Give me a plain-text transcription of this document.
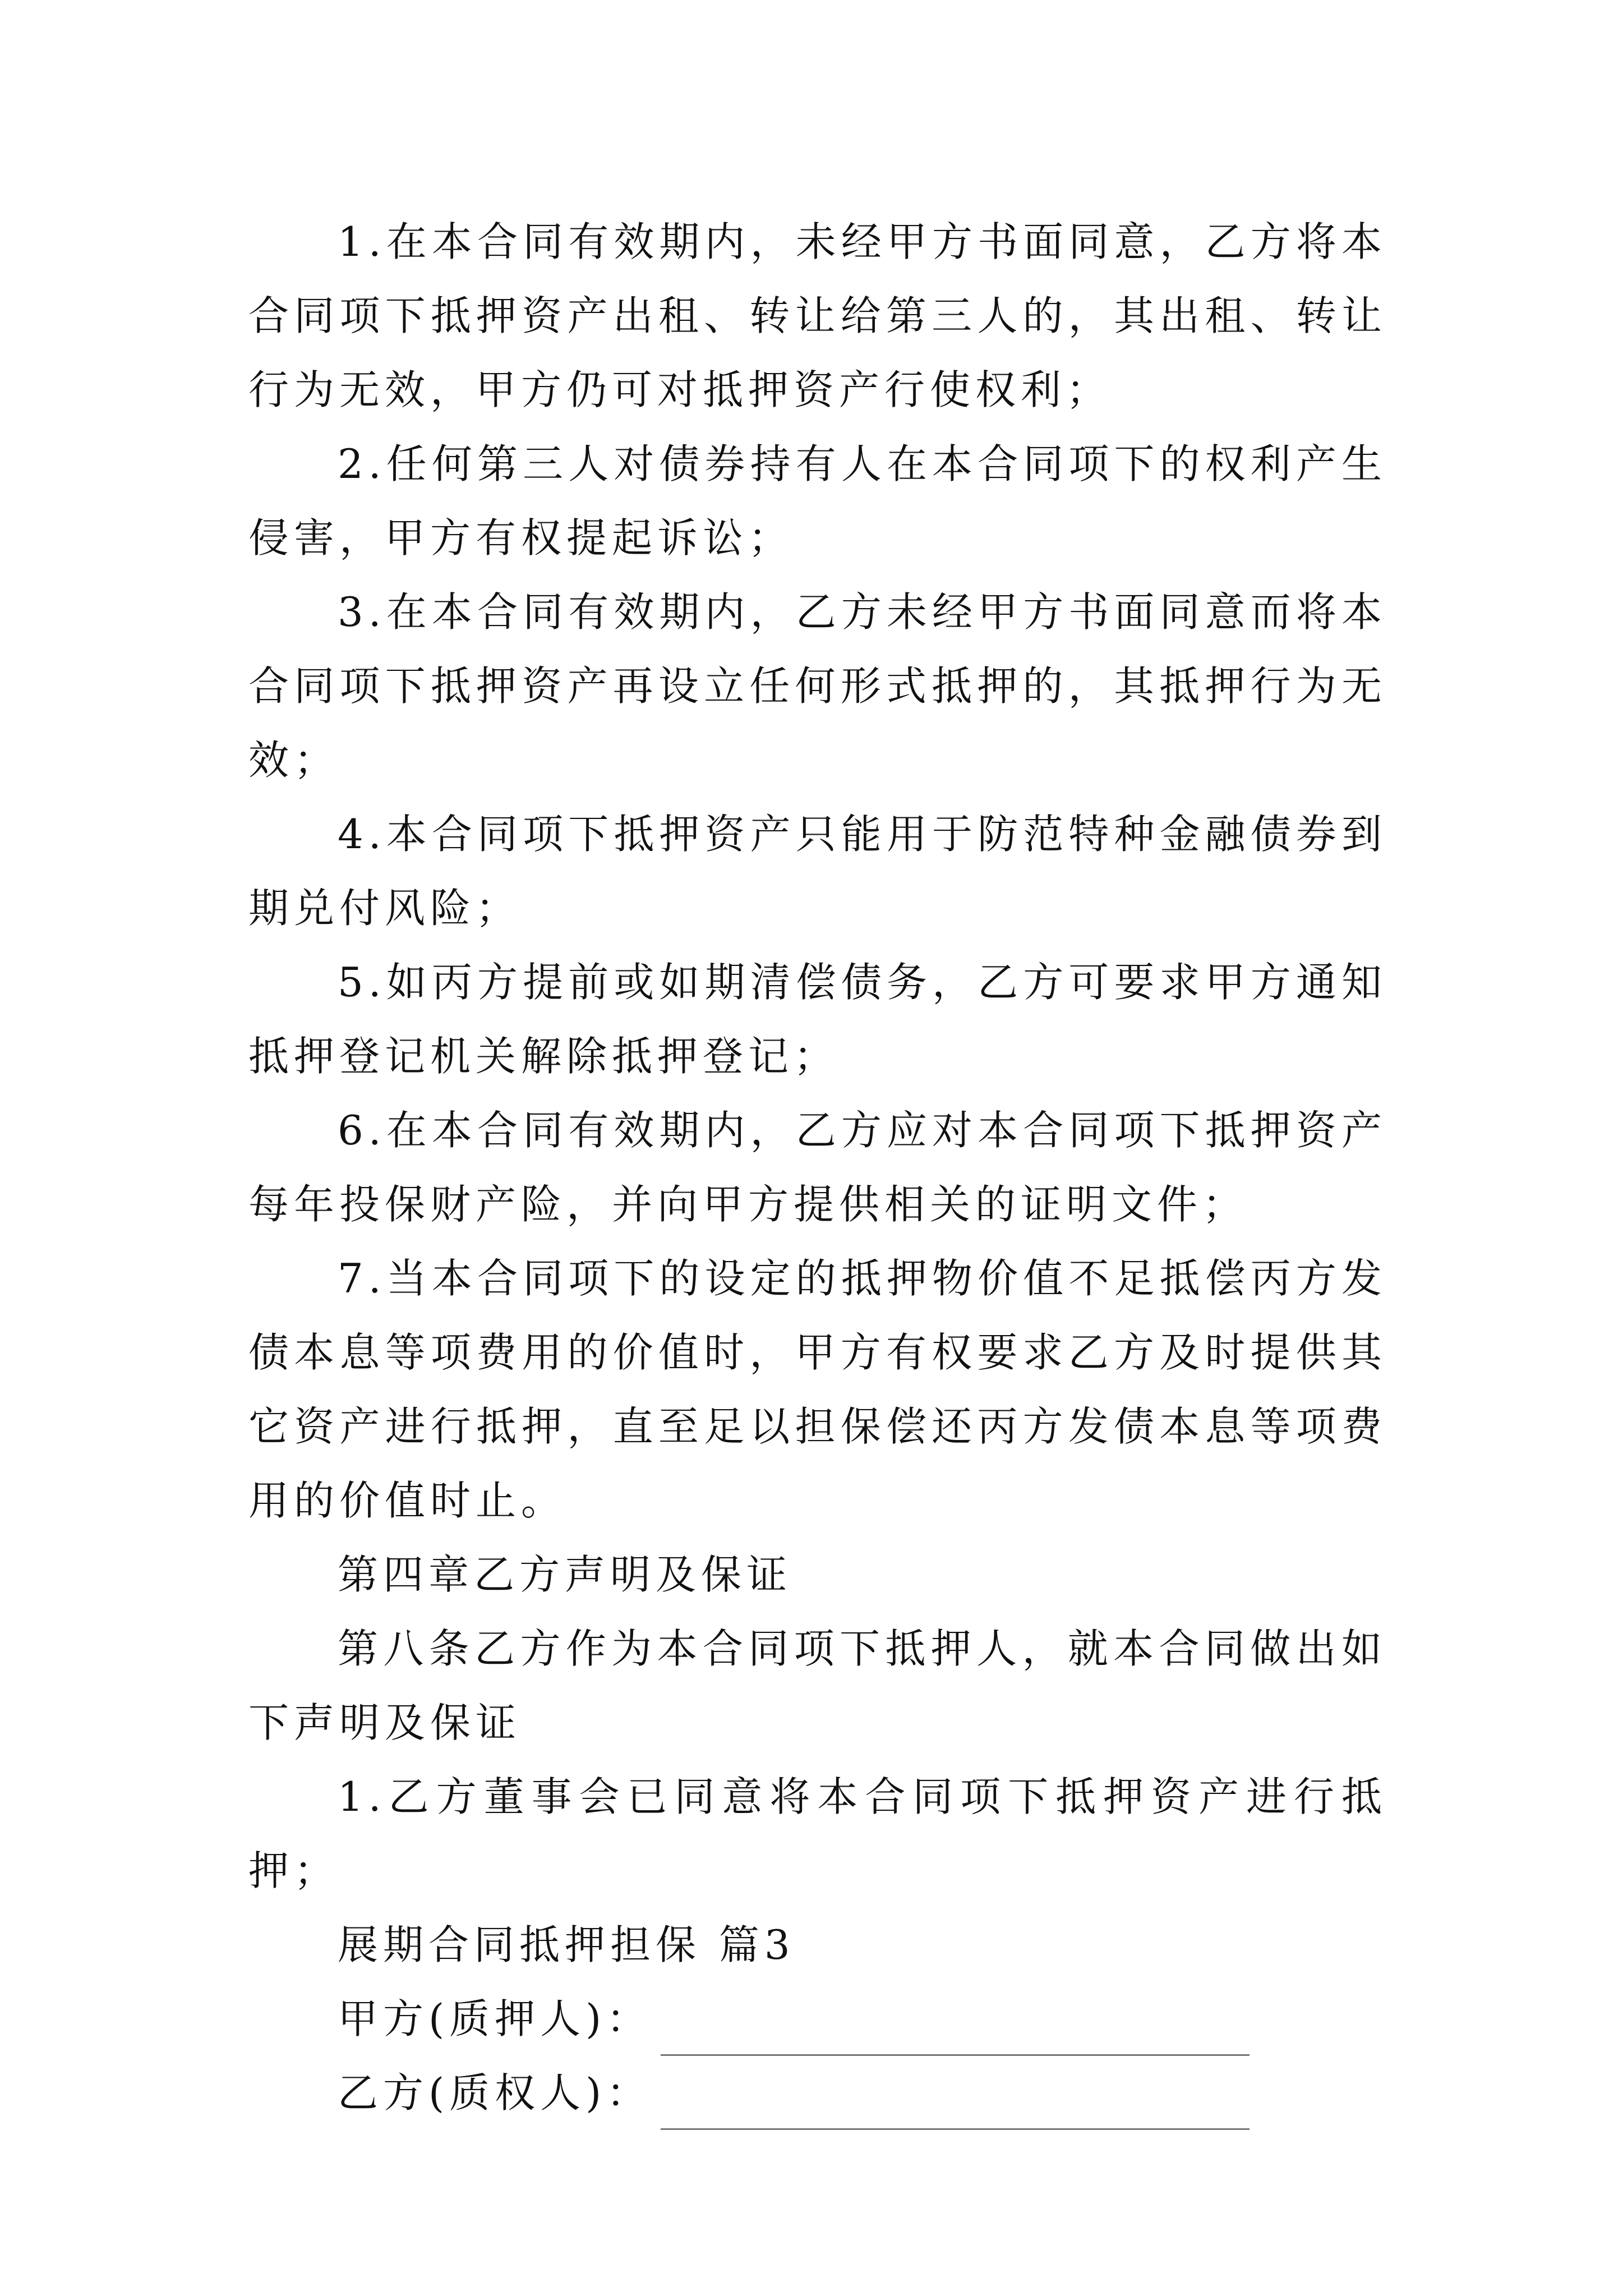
1.在本合同有效期内，未经甲方书面同意，乙方将本合同项下抵押资产出租、转让给第三人的，其出租、转让行为无效，甲方仍可对抵押资产行使权利；

2.任何第三人对债券持有人在本合同项下的权利产生侵害，甲方有权提起诉讼；

3.在本合同有效期内，乙方未经甲方书面同意而将本合同项下抵押资产再设立任何形式抵押的，其抵押行为无效；

4.本合同项下抵押资产只能用于防范特种金融债券到期兑付风险；

5.如丙方提前或如期清偿债务，乙方可要求甲方通知抵押登记机关解除抵押登记；

6.在本合同有效期内，乙方应对本合同项下抵押资产每年投保财产险，并向甲方提供相关的证明文件；

7.当本合同项下的设定的抵押物价值不足抵偿丙方发债本息等项费用的价值时，甲方有权要求乙方及时提供其它资产进行抵押，直至足以担保偿还丙方发债本息等项费用的价值时止。

第四章乙方声明及保证

第八条乙方作为本合同项下抵押人，就本合同做出如下声明及保证

1.乙方董事会已同意将本合同项下抵押资产进行抵押；

展期合同抵押担保 篇3

甲方(质押人)：
乙方(质权人)：
